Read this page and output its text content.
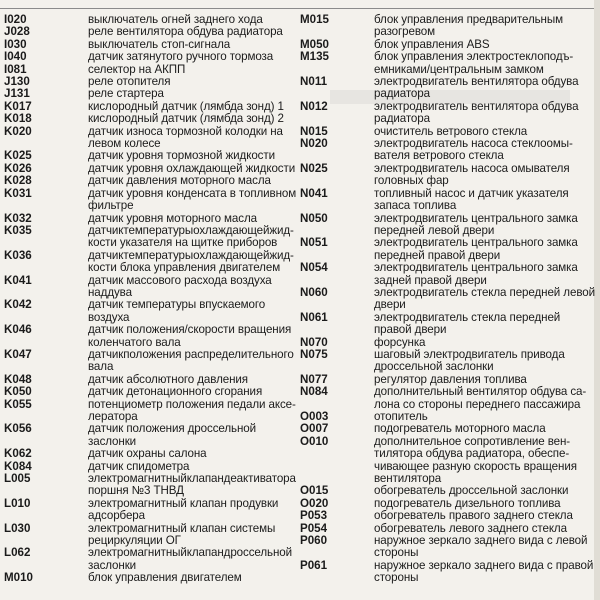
I020	выключатель огней заднего хода
J028	реле вентилятора обдува радиатора
I030	выключатель стоп-сигнала
I040	датчик затянутого ручного тормоза
I081	селектор на АКПП
J130	реле отопителя
J131	реле стартера
K017	кислородный датчик (лямбда зонд) 1
K018	кислородный датчик (лямбда зонд) 2
K020	датчик износа тормозной колодки на левом колесе
K025	датчик уровня тормозной жидкости
K026	датчик уровня охлаждающей жидкости
K028	датчик давления моторного масла
K031	датчик уровня конденсата в топливном фильтре
K032	датчик уровня моторного масла
K035	датчиктемпературыохлаждающейжид-кости указателя на щитке приборов
K036	датчиктемпературыохлаждающейжид-кости блока управления двигателем
K041	датчик массового расхода воздуха наддува
K042	датчик температуры впускаемого воздуха
K046	датчик положения/скорости вращения коленчатого вала
K047	датчикположения распределительного вала
K048	датчик абсолютного давления
K050	датчик детонационного сгорания
K055	потенциометр положения педали аксе-лератора
K056	датчик положения дроссельной заслонки
K062	датчик охраны салона
K084	датчик спидометра
L005	электромагнитныйклапандеактиватора поршня №3 ТНВД
L010	электромагнитный клапан продувки адсорбера
L030	электромагнитный клапан системы рециркуляции ОГ
L062	электромагнитныйклапандроссельной заслонки
M010	блок управления двигателем
M015	блок управления предварительным разогревом
M050	блок управления ABS
M135	блок управления электростеклоподъ-емниками/центральным замком
N011	электродвигатель вентилятора обдува радиатора
N012	электродвигатель вентилятора обдува радиатора
N015	очиститель ветрового стекла
N020	электродвигатель насоса стеклоомы-вателя ветрового стекла
N025	электродвигатель насоса омывателя головных фар
N041	топливный насос и датчик указателя запаса топлива
N050	электродвигатель центрального замка передней левой двери
N051	электродвигатель центрального замка передней правой двери
N054	электродвигатель центрального замка задней правой двери
N060	электродвигатель стекла передней левой двери
N061	электродвигатель стекла передней правой двери
N070	форсунка
N075	шаговый электродвигатель привода дроссельной заслонки
N077	регулятор давления топлива
N084	дополнительный вентилятор обдува са-лона со стороны переднего пассажира
O003	отопитель
O007	подогреватель моторного масла
O010	дополнительное сопротивление вен-тилятора обдува радиатора, обеспе-чивающее разную скорость вращения вентилятора
O015	обогреватель дроссельной заслонки
O020	подогреватель дизельного топлива
P053	обогреватель правого заднего стекла
P054	обогреватель левого заднего стекла
P060	наружное зеркало заднего вида с левой стороны
P061	наружное зеркало заднего вида с правой стороны
